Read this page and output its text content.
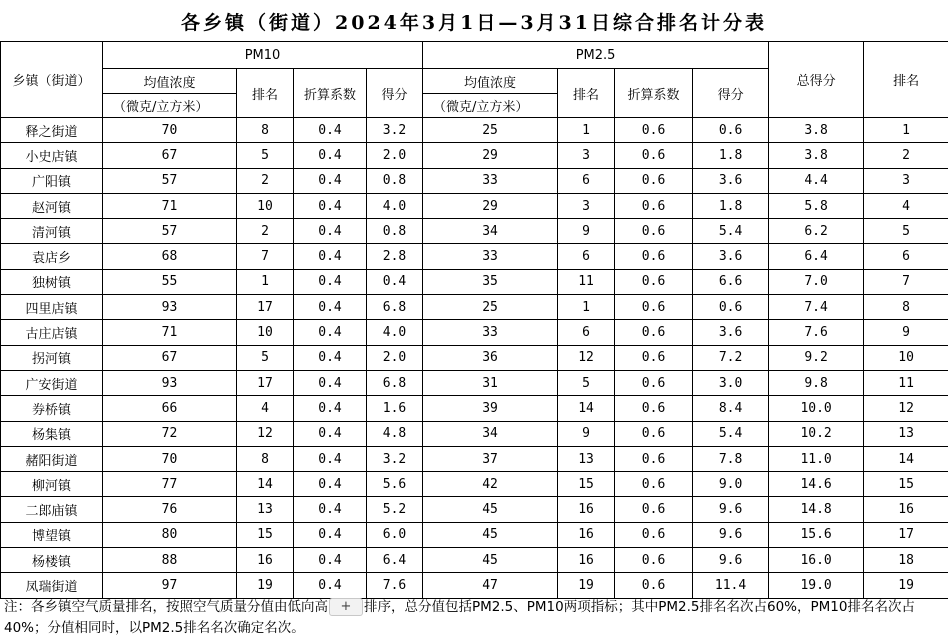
各乡镇（街道）2024年3月1日—3月31日综合排名计分表
乡镇（街道）	PM10				PM2.5				总得分	排名
	均值浓度	排名	折算系数	得分	均值浓度	排名	折算系数	得分		

	（微克/立方米）				（微克/立方米）					

释之街道	70	8	0.4	3.2	25	1	0.6	0.6	3.8	1
小史店镇	67	5	0.4	2.0	29	3	0.6	1.8	3.8	2
广阳镇	57	2	0.4	0.8	33	6	0.6	3.6	4.4	3
赵河镇	71	10	0.4	4.0	29	3	0.6	1.8	5.8	4
清河镇	57	2	0.4	0.8	34	9	0.6	5.4	6.2	5
袁店乡	68	7	0.4	2.8	33	6	0.6	3.6	6.4	6
独树镇	55	1	0.4	0.4	35	11	0.6	6.6	7.0	7
四里店镇	93	17	0.4	6.8	25	1	0.6	0.6	7.4	8
古庄店镇	71	10	0.4	4.0	33	6	0.6	3.6	7.6	9
拐河镇	67	5	0.4	2.0	36	12	0.6	7.2	9.2	10
广安街道	93	17	0.4	6.8	31	5	0.6	3.0	9.8	11
券桥镇	66	4	0.4	1.6	39	14	0.6	8.4	10.0	12
杨集镇	72	12	0.4	4.8	34	9	0.6	5.4	10.2	13
赭阳街道	70	8	0.4	3.2	37	13	0.6	7.8	11.0	14
柳河镇	77	14	0.4	5.6	42	15	0.6	9.0	14.6	15
二郎庙镇	76	13	0.4	5.2	45	16	0.6	9.6	14.8	16
博望镇	80	15	0.4	6.0	45	16	0.6	9.6	15.6	17
杨楼镇	88	16	0.4	6.4	45	16	0.6	9.6	16.0	18
凤瑞街道	97	19	0.4	7.6	47	19	0.6	11.4	19.0	19
注：各乡镇空气质量排名，按照空气质量分值由低向高 + 排序，总分值包括PM2.5、PM10两项指标；其中PM2.5排名名次占60%，PM10排名名次占40%；分值相同时，以PM2.5排名名次确定名次。
